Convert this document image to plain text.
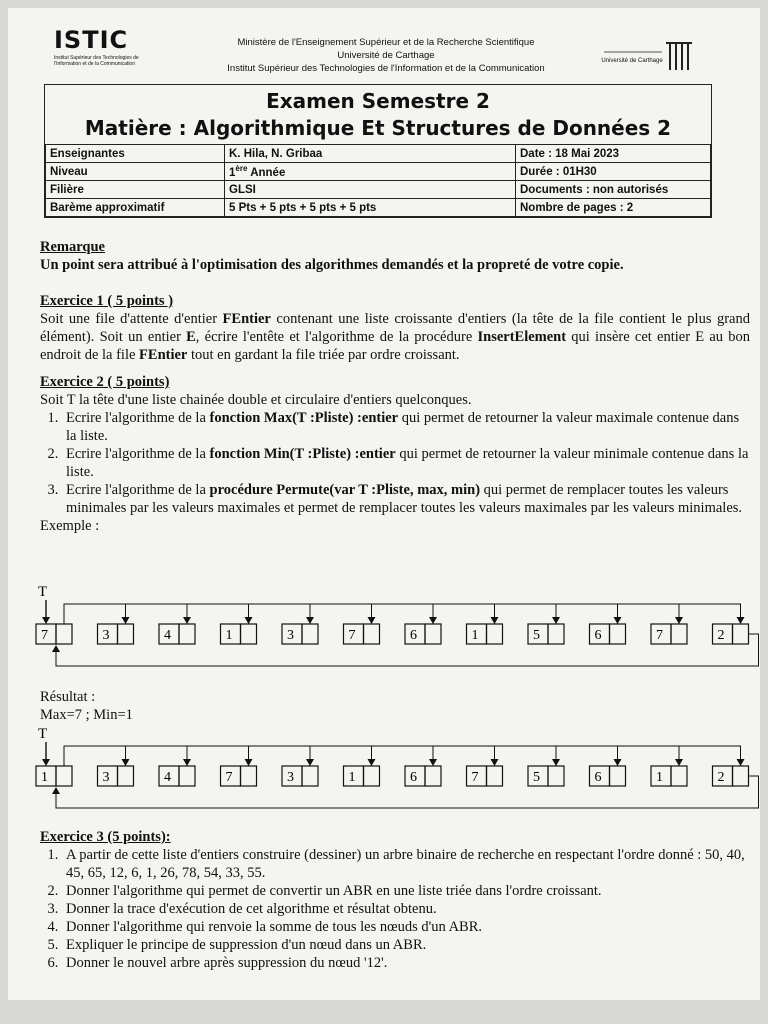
ISTIC
Institut Supérieur des Technologies de l'Information et de la Communication
Ministère de l'Enseignement Supérieur et de la Recherche Scientifique
Université de Carthage
Institut Supérieur des Technologies de l'Information et de la Communication
Université de Carthage
Examen Semestre 2
Matière : Algorithmique Et Structures de Données 2
Enseignantes	K. Hila, N. Gribaa	Date : 18 Mai 2023
Niveau	1ère Année	Durée : 01H30
Filière	GLSI	Documents : non autorisés
Barème approximatif	5 Pts + 5 pts + 5 pts + 5 pts	Nombre de pages : 2
Remarque
Un point sera attribué à l'optimisation des algorithmes demandés et la propreté de votre copie.
Exercice 1 ( 5 points )
Soit une file d'attente d'entier FEntier contenant une liste croissante d'entiers (la tête de la file contient le plus grand élément). Soit un entier E, écrire l'entête et l'algorithme de la procédure InsertElement qui insère cet entier E au bon endroit de la file FEntier tout en gardant la file triée par ordre croissant.
Exercice 2 ( 5 points)
Soit T la tête d'une liste chainée double et circulaire d'entiers quelconques.
1. Ecrire l'algorithme de la fonction Max(T :Pliste) :entier qui permet de retourner la valeur maximale contenue dans la liste.
2. Ecrire l'algorithme de la fonction Min(T :Pliste) :entier qui permet de retourner la valeur minimale contenue dans la liste.
3. Ecrire l'algorithme de la procédure Permute(var T :Pliste, max, min) qui permet de remplacer toutes les valeurs minimales par les valeurs maximales et permet de remplacer toutes les valeurs maximales par les valeurs minimales.
Exemple :
T
7	3	4	1	3	7	6	1	5	6	7	2
Résultat :
Max=7 ; Min=1
T
1	3	4	7	3	1	6	7	5	6	1	2
Exercice 3 (5 points):
1. A partir de cette liste d'entiers construire (dessiner) un arbre binaire de recherche en respectant l'ordre donné : 50, 40, 45, 65, 12, 6, 1, 26, 78, 54, 33, 55.
2. Donner l'algorithme qui permet de convertir un ABR en une liste triée dans l'ordre croissant.
3. Donner la trace d'exécution de cet algorithme et résultat obtenu.
4. Donner l'algorithme qui renvoie la somme de tous les nœuds d'un ABR.
5. Expliquer le principe de suppression d'un nœud dans un ABR.
6. Donner le nouvel arbre après suppression du nœud '12'.
